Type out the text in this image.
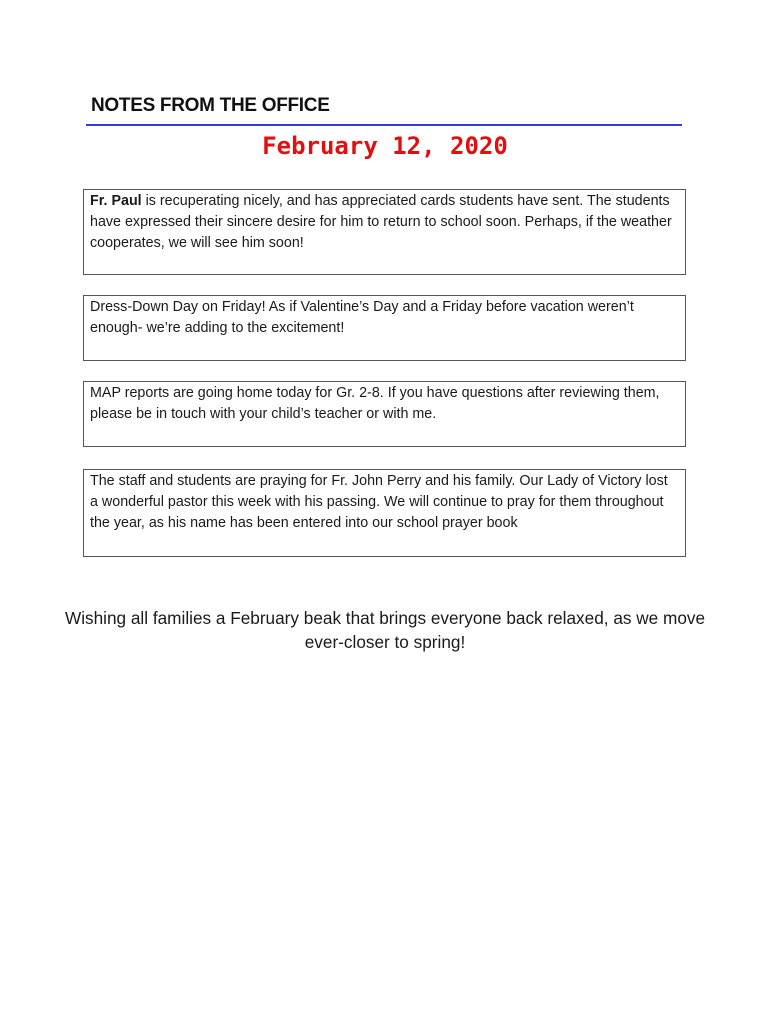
NOTES FROM THE OFFICE
February 12, 2020
Fr. Paul is recuperating nicely, and has appreciated cards students have sent. The students have expressed their sincere desire for him to return to school soon. Perhaps, if the weather cooperates, we will see him soon!
Dress-Down Day on Friday! As if Valentine’s Day and a Friday before vacation weren’t enough- we’re adding to the excitement!
MAP reports are going home today for Gr. 2-8. If you have questions after reviewing them, please be in touch with your child’s teacher or with me.
The staff and students are praying for Fr. John Perry and his family. Our Lady of Victory lost a wonderful pastor this week with his passing. We will continue to pray for them throughout the year, as his name has been entered into our school prayer book
Wishing all families a February beak that brings everyone back relaxed, as we move ever-closer to spring!
